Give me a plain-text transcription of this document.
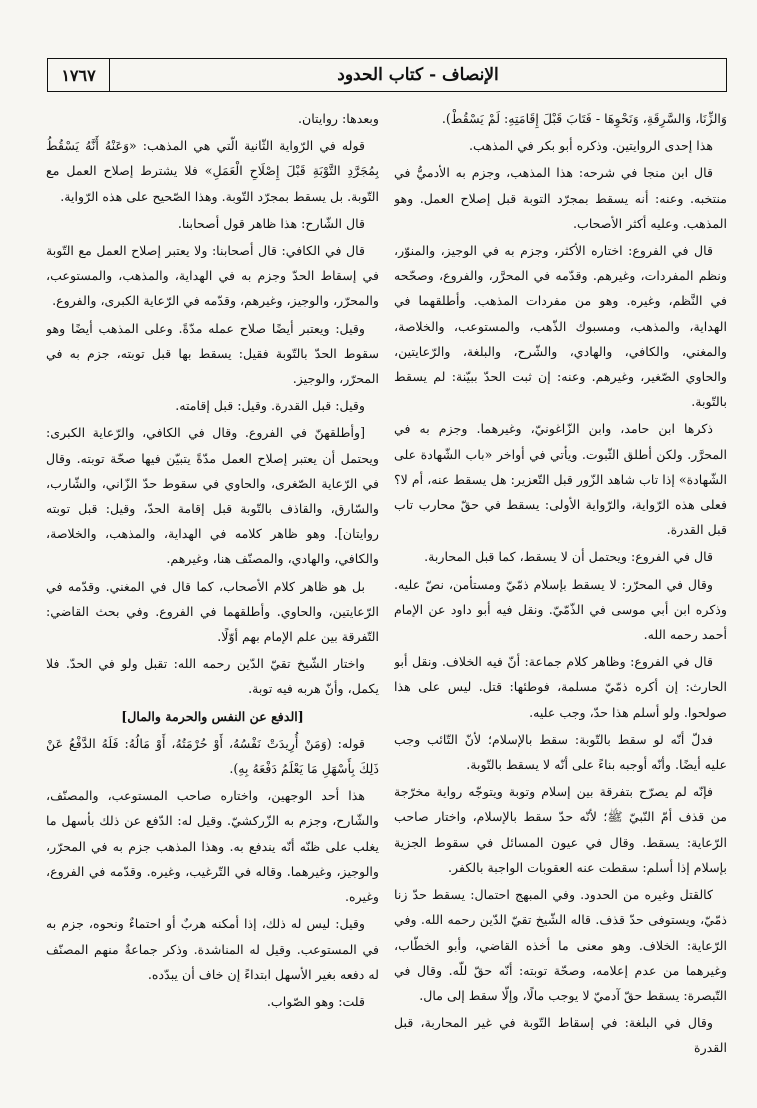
الإنصاف - كتاب الحدود
١٧٦٧

وَالزِّنَا، وَالسَّرِقَةِ، وَنَحْوِهَا - فَتَابَ قَبْلَ إِقَامَتِهِ: لَمْ يَسْقُطْ).

هذا إحدى الروايتين. وذكره أبو بكر في المذهب.

قال ابن منجا في شرحه: هذا المذهب، وجزم به الأدميُّ في منتخبه. وعنه: أنه يسقط بمجرّد التوبة قبل إصلاح العمل. وهو المذهب. وعليه أكثر الأصحاب.

قال في الفروع: اختاره الأكثر، وجزم به في الوجيز، والمنوّر، ونظم المفردات، وغيرهم. وقدّمه في المحرَّر، والفروع، وصحّحه في النَّظم، وغيره. وهو من مفردات المذهب. وأطلقهما في الهداية، والمذهب، ومسبوك الذّهب، والمستوعب، والخلاصة، والمغني، والكافي، والهادي، والشّرح، والبلغة، والرّعايتين، والحاوي الصّغير، وغيرهم. وعنه: إن ثبت الحدّ ببيّنة: لم يسقط بالتّوبة.

ذكرها ابن حامد، وابن الزّاغونيّ، وغيرهما. وجزم به في المحرَّر. ولكن أطلق الثّبوت. ويأتي في أواخر «باب الشّهادة على الشّهادة» إذا تاب شاهد الزّور قبل التّعزير: هل يسقط عنه، أم لا؟ فعلى هذه الرّواية، والرّواية الأولى: يسقط في حقّ محارب تاب قبل القدرة.

قال في الفروع: ويحتمل أن لا يسقط، كما قبل المحاربة.

وقال في المحرّر: لا يسقط بإسلام ذمّيّ ومستأمن، نصّ عليه. وذكره ابن أبي موسى في الذّمّيّ. ونقل فيه أبو داود عن الإمام أحمد رحمه الله.

قال في الفروع: وظاهر كلام جماعة: أنّ فيه الخلاف. ونقل أبو الحارث: إن أكره ذمّيّ مسلمة، فوطئها: قتل. ليس على هذا صولحوا. ولو أسلم هذا حدّ، وجب عليه.

فدلّ أنّه لو سقط بالتّوبة: سقط بالإسلام؛ لأنّ التّائب وجب عليه أيضًا. وأنّه أوجبه بناءً على أنّه لا يسقط بالتّوبة.

فإنّه لم يصرّح بتفرقة بين إسلام وتوبة ويتوجّه رواية مخرّجة من قذف أمّ النّبيّ ﷺ؛ لأنّه حدّ سقط بالإسلام، واختار صاحب الرّعاية: يسقط. وقال في عيون المسائل في سقوط الجزية بإسلام إذا أسلم: سقطت عنه العقوبات الواجبة بالكفر.

كالقتل وغيره من الحدود. وفي المبهج احتمال: يسقط حدّ زنا ذمّيّ، ويستوفى حدّ قذف. قاله الشّيخ تقيّ الدّين رحمه الله. وفي الرّعاية: الخلاف. وهو معنى ما أخذه القاضي، وأبو الخطّاب، وغيرهما من عدم إعلامه، وصحّة توبته: أنّه حقّ للّه. وقال في التّبصرة: يسقط حقّ آدميّ لا يوجب مالًا، وإلّا سقط إلى مال.

وقال في البلغة: في إسقاط التّوبة في غير المحاربة، قبل القدرة

وبعدها: روايتان.

قوله في الرّواية الثّانية الّتي هي المذهب: «وَعَنْهُ أَنَّهُ يَسْقُطُ بِمُجَرَّدِ التَّوْبَةِ قَبْلَ إِصْلَاحِ الْعَمَلِ» فلا يشترط إصلاح العمل مع التّوبة. بل يسقط بمجرّد التّوبة. وهذا الصّحيح على هذه الرّواية.

قال الشّارح: هذا ظاهر قول أصحابنا.

قال في الكافي: قال أصحابنا: ولا يعتبر إصلاح العمل مع التّوبة في إسقاط الحدّ وجزم به في الهداية، والمذهب، والمستوعب، والمحرّر، والوجيز، وغيرهم، وقدّمه في الرّعاية الكبرى، والفروع.

وقيل: ويعتبر أيضًا صلاح عمله مدّةً. وعلى المذهب أيضًا وهو سقوط الحدّ بالتّوبة فقيل: يسقط بها قبل توبته، جزم به في المحرّر، والوجيز.

وقيل: قبل القدرة. وقيل: قبل إقامته.

[وأطلقهنّ في الفروع. وقال في الكافي، والرّعاية الكبرى: ويحتمل أن يعتبر إصلاح العمل مدّةً يتبيّن فيها صحّة توبته. وقال في الرّعاية الصّغرى، والحاوي في سقوط حدّ الزّاني، والشّارب، والسّارق، والقاذف بالتّوبة قبل إقامة الحدّ، وقيل: قبل توبته روايتان]. وهو ظاهر كلامه في الهداية، والمذهب، والخلاصة، والكافي، والهادي، والمصنّف هنا، وغيرهم.

بل هو ظاهر كلام الأصحاب، كما قال في المغني. وقدّمه في الرّعايتين، والحاوي. وأطلقهما في الفروع. وفي بحث القاضي: التّفرقة بين علم الإمام بهم أوّلًا.

واختار الشّيخ تقيّ الدّين رحمه الله: تقبل ولو في الحدّ. فلا يكمل، وأنّ هربه فيه توبة.

[الدفع عن النفس والحرمة والمال]

قوله: (وَمَنْ أُرِيدَتْ نَفْسُهُ، أَوْ حُرْمَتُهُ، أَوْ مَالُهُ: فَلَهُ الدَّفْعُ عَنْ ذَلِكَ بِأَسْهَلِ مَا يَعْلَمُ دَفْعَهُ بِهِ).

هذا أحد الوجهين، واختاره صاحب المستوعب، والمصنّف، والشّارح، وجزم به الزّركشيّ. وقيل له: الدّفع عن ذلك بأسهل ما يغلب على ظنّه أنّه يندفع به. وهذا المذهب جزم به في المحرّر، والوجيز، وغيرهما. وقاله في التّرغيب، وغيره. وقدّمه في الفروع، وغيره.

وقيل: ليس له ذلك، إذا أمكنه هربٌ أو احتماءٌ ونحوه، جزم به في المستوعب. وقيل له المناشدة. وذكر جماعةٌ منهم المصنّف له دفعه بغير الأسهل ابتداءً إن خاف أن يبدّده.

قلت: وهو الصّواب.
